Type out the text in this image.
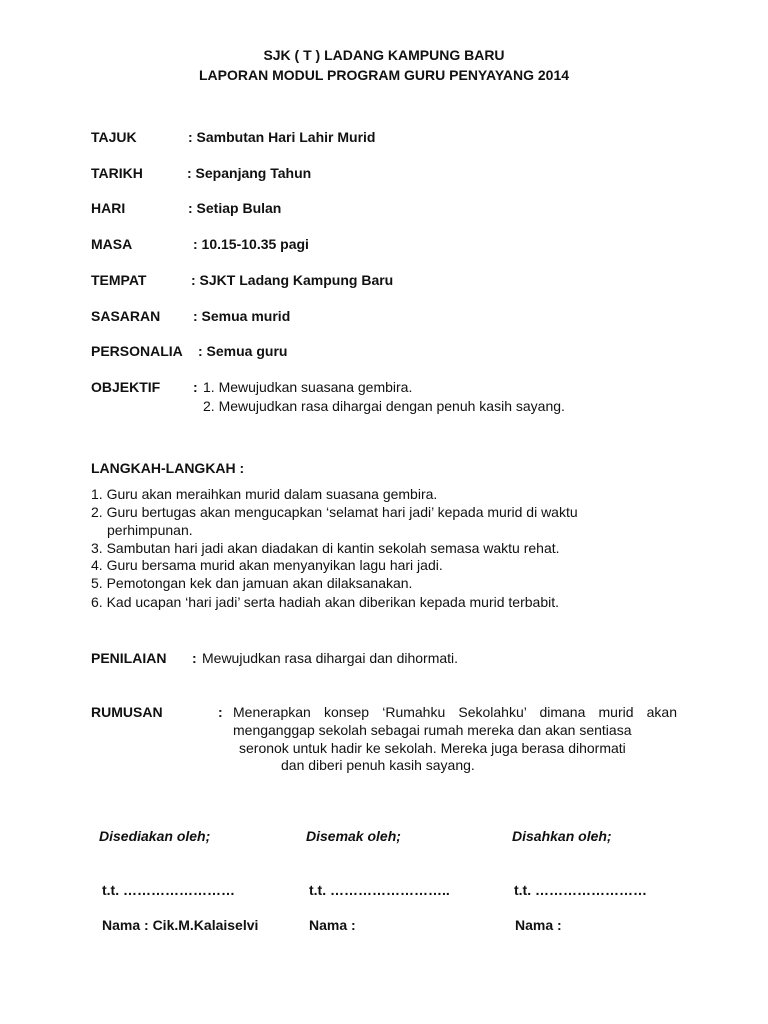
SJK ( T ) LADANG KAMPUNG BARU
LAPORAN MODUL PROGRAM GURU PENYAYANG 2014
TAJUK	: Sambutan Hari Lahir Murid
TARIKH	: Sepanjang Tahun
HARI	: Setiap Bulan
MASA	: 10.15-10.35 pagi
TEMPAT	: SJKT Ladang Kampung Baru
SASARAN : Semua murid
PERSONALIA : Semua guru
OBJEKTIF : 1. Mewujudkan suasana gembira.
2. Mewujudkan rasa dihargai dengan penuh kasih sayang.
LANGKAH-LANGKAH :
1. Guru akan meraihkan murid dalam suasana gembira.
2. Guru bertugas akan mengucapkan ‘selamat hari jadi’ kepada murid di waktu
perhimpunan.
3. Sambutan hari jadi akan diadakan di kantin sekolah semasa waktu rehat.
4. Guru bersama murid akan menyanyikan lagu hari jadi.
5. Pemotongan kek dan jamuan akan dilaksanakan.
6. Kad ucapan ‘hari jadi’ serta hadiah akan diberikan kepada murid terbabit.
PENILAIAN : Mewujudkan rasa dihargai dan dihormati.
RUMUSAN	: Menerapkan konsep ‘Rumahku Sekolahku’ dimana murid akan
menganggap sekolah sebagai rumah mereka dan akan sentiasa
seronok untuk hadir ke sekolah. Mereka juga berasa dihormati
dan diberi penuh kasih sayang.
Disediakan oleh;	Disemak oleh;	Disahkan oleh;
t.t. ……………………	t.t. ……………………..	t.t. ……………………
Nama : Cik.M.Kalaiselvi	Nama :	Nama :
